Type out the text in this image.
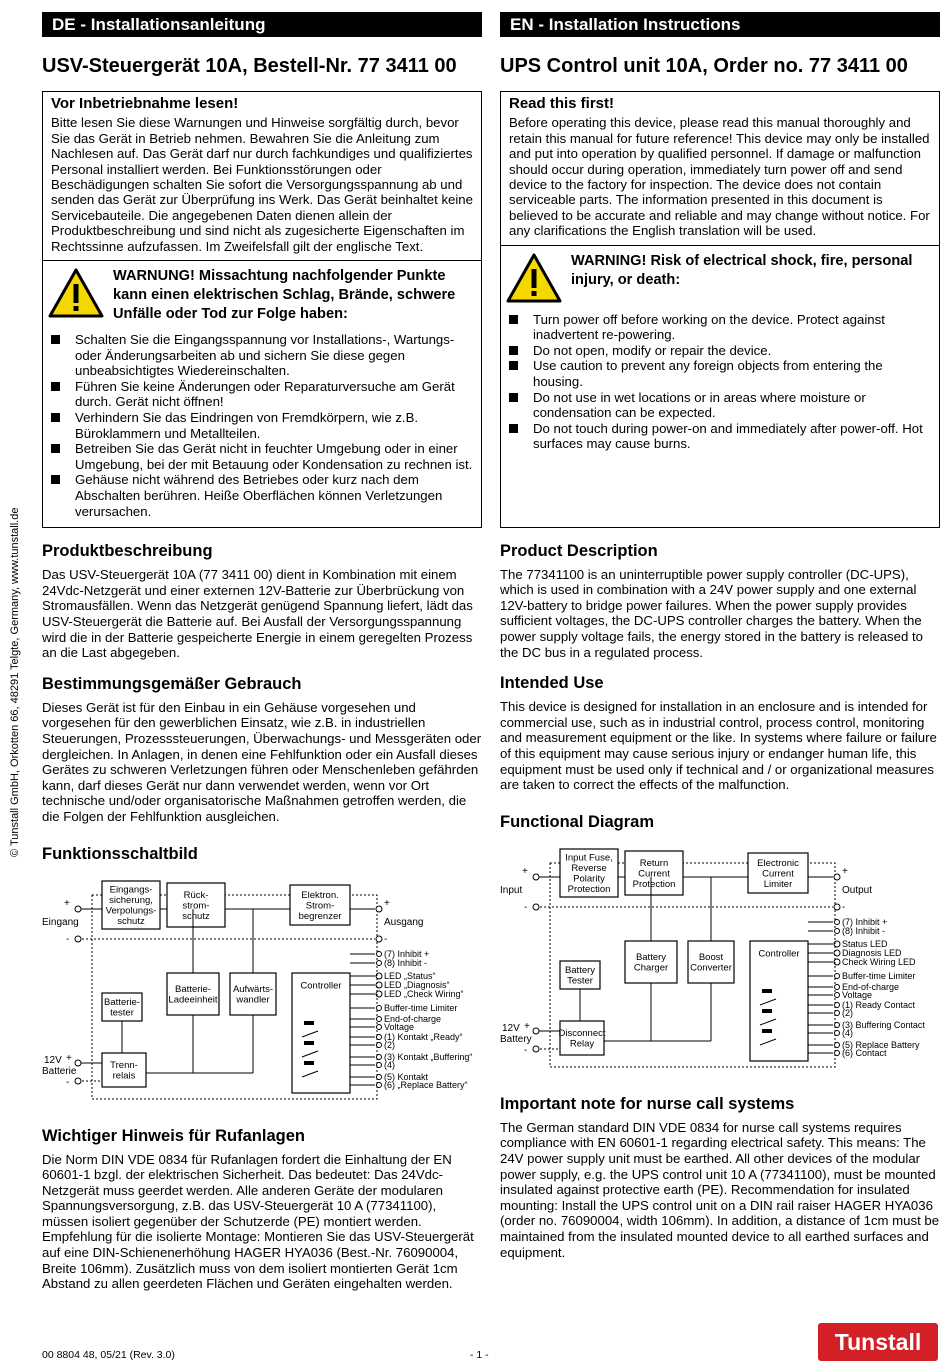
© Tunstall GmbH, Orkotten 66, 48291 Telgte, Germany, www.tunstall.de
DE - Installationsanleitung
USV-Steuergerät 10A, Bestell-Nr. 77 3411 00
Vor Inbetriebnahme lesen!
Bitte lesen Sie diese Warnungen und Hinweise sorgfältig durch, bevor Sie das Gerät in Betrieb nehmen. Bewahren Sie die Anleitung zum Nachlesen auf. Das Gerät darf nur durch fachkundiges und qualifiziertes Personal installiert werden. Bei Funktionsstörungen oder Beschädigungen schalten Sie sofort die Versorgungsspannung ab und senden das Gerät zur Überprüfung ins Werk. Das Gerät beinhaltet keine Servicebauteile. Die angegebenen Daten dienen allein der Produktbeschreibung und sind nicht als zugesicherte Eigenschaften im Rechtssinne aufzufassen. Im Zweifelsfall gilt der englische Text.
WARNUNG! Missachtung nachfolgender Punkte kann einen elektrischen Schlag, Brände, schwere Unfälle oder Tod zur Folge haben:
Schalten Sie die Eingangsspannung vor Installations-, Wartungs- oder Änderungsarbeiten ab und sichern Sie diese gegen unbeabsichtigtes Wiedereinschalten.
Führen Sie keine Änderungen oder Reparaturversuche am Gerät durch. Gerät nicht öffnen!
Verhindern Sie das Eindringen von Fremdkörpern, wie z.B. Büroklammern und Metallteilen.
Betreiben Sie das Gerät nicht in feuchter Umgebung oder in einer Umgebung, bei der mit Betauung oder Kondensation zu rechnen ist.
Gehäuse nicht während des Betriebes oder kurz nach dem Abschalten berühren. Heiße Oberflächen können Verletzungen verursachen.
Produktbeschreibung
Das USV-Steuergerät 10A (77 3411 00) dient in Kombination mit einem 24Vdc-Netzgerät und einer externen 12V-Batterie zur Überbrückung von Stromausfällen. Wenn das Netzgerät genügend Spannung liefert, lädt das USV-Steuergerät die Batterie auf. Bei Ausfall der Versorgungsspannung wird die in der Batterie gespeicherte Energie in einem geregelten Prozess an die Last abgegeben.
Bestimmungsgemäßer Gebrauch
Dieses Gerät ist für den Einbau in ein Gehäuse vorgesehen und vorgesehen für den gewerblichen Einsatz, wie z.B. in industriellen Steuerungen, Prozesssteuerungen, Überwachungs- und Messgeräten oder dergleichen. In Anlagen, in denen eine Fehlfunktion oder ein Ausfall dieses Gerätes zu schweren Verletzungen führen oder Menschenleben gefährden kann, darf dieses Gerät nur dann verwendet werden, wenn vor Ort technische und/oder organisatorische Maßnahmen getroffen werden, die die Folgen der Fehlfunktion ausgleichen.
Funktionsschaltbild
Eingangs-
sicherung,
Verpolungs-
schutz
Rück-
strom-
schutz
Elektron.
Strom-
begrenzer
Batterie-
tester
Batterie-
Ladeeinheit
Aufwärts-
wandler
Controller
Trenn-
relais
+
-
Eingang
+
-
Ausgang
12V
Batterie
+
-
(7) Inhibit +
(8) Inhibit -
LED „Status“
LED „Diagnosis“
LED „Check Wiring“
Buffer-time Limiter
End-of-charge
Voltage
(1) Kontakt „Ready“
(2)
(3) Kontakt „Buffering“
(4)
(5) Kontakt
(6) „Replace Battery“
Wichtiger Hinweis für Rufanlagen
Die Norm DIN VDE 0834 für Rufanlagen fordert die Einhaltung der EN 60601-1 bzgl. der elektrischen Sicherheit. Das bedeutet: Das 24Vdc-Netzgerät muss geerdet werden. Alle anderen Geräte der modularen Spannungsversorgung, z.B. das USV-Steuergerät 10 A (77341100), müssen isoliert gegenüber der Schutzerde (PE) montiert werden. Empfehlung für die isolierte Montage: Montieren Sie das USV-Steuergerät auf eine DIN-Schienenerhöhung HAGER HYA036 (Best.-Nr. 76090004, Breite 106mm). Zusätzlich muss von dem isoliert montierten Gerät 1cm Abstand zu allen geerdeten Flächen und Geräten eingehalten werden.
EN - Installation Instructions
UPS Control unit 10A, Order no. 77 3411 00
Read this first!
Before operating this device, please read this manual thoroughly and retain this manual for future reference! This device may only be installed and put into operation by qualified personnel. If damage or malfunction should occur during operation, immediately turn power off and send device to the factory for inspection. The device does not contain serviceable parts. The information presented in this document is believed to be accurate and reliable and may change without notice. For any clarifications the English translation will be used.
WARNING! Risk of electrical shock, fire, personal injury, or death:
Turn power off before working on the device. Protect against inadvertent re-powering.
Do not open, modify or repair the device.
Use caution to prevent any foreign objects from entering the housing.
Do not use in wet locations or in areas where moisture or condensation can be expected.
Do not touch during power-on and immediately after power-off. Hot surfaces may cause burns.
Product Description
The 77341100 is an uninterruptible power supply controller (DC-UPS), which is used in combination with a 24V power supply and one external 12V-battery to bridge power failures. When the power supply provides sufficient voltages, the DC-UPS controller charges the battery. When the power supply voltage fails, the energy stored in the battery is released to the DC bus in a regulated process.
Intended Use
This device is designed for installation in an enclosure and is intended for commercial use, such as in industrial control, process control, monitoring and measurement equipment or the like. In systems where failure or failure of this equipment may cause serious injury or endanger human life, this equipment must be used only if technical and / or organizational measures are taken to correct the effects of the malfunction.
Functional Diagram
Input Fuse,
Reverse
Polarity
Protection
Return
Current
Protection
Electronic
Current
Limiter
Battery
Tester
Battery
Charger
Boost
Converter
Controller
Disconnect
Relay
+
-
Input
+
-
Output
12V
Battery
+
-
(7) Inhibit +
(8) Inhibit -
Status LED
Diagnosis LED
Check Wiring LED
Buffer-time Limiter
End-of-charge
Voltage
(1) Ready Contact
(2)
(3) Buffering Contact
(4)
(5) Replace Battery
(6) Contact
Important note for nurse call systems
The German standard DIN VDE 0834 for nurse call systems requires compliance with EN 60601-1 regarding electrical safety. This means: The 24V power supply unit must be earthed. All other devices of the modular power supply, e.g. the UPS control unit 10 A (77341100), must be mounted insulated against protective earth (PE). Recommendation for insulated mounting: Install the UPS control unit on a DIN rail raiser HAGER HYA036 (order no. 76090004, width 106mm). In addition, a distance of 1cm must be maintained from the insulated mounted device to all earthed surfaces and equipment.
00 8804 48, 05/21 (Rev. 3.0)	- 1 -	Tunstall
